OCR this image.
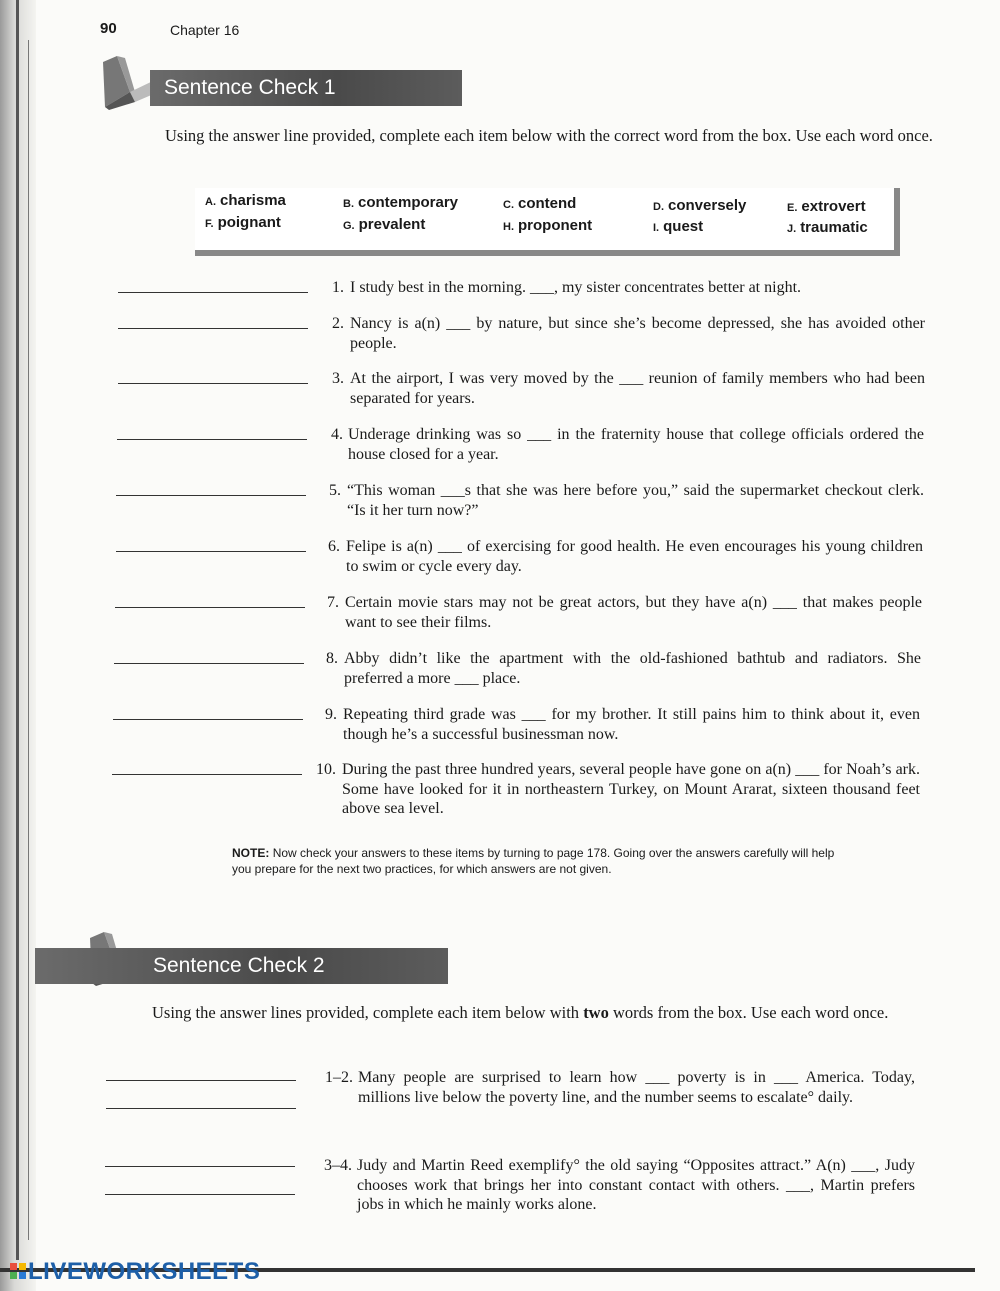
90	Chapter 16
Sentence Check 1
Using the answer line provided, complete each item below with the correct word from the box. Use each word once.
A. charisma	B. contemporary	C. contend	D. conversely	E. extrovert
F. poignant	G. prevalent	H. proponent	I. quest	J. traumatic
1. I study best in the morning. ___, my sister concentrates better at night.
2. Nancy is a(n) ___ by nature, but since she’s become depressed, she has avoided other people.
3. At the airport, I was very moved by the ___ reunion of family members who had been separated for years.
4. Underage drinking was so ___ in the fraternity house that college officials ordered the house closed for a year.
5. “This woman ___s that she was here before you,” said the supermarket checkout clerk. “Is it her turn now?”
6. Felipe is a(n) ___ of exercising for good health. He even encourages his young children to swim or cycle every day.
7. Certain movie stars may not be great actors, but they have a(n) ___ that makes people want to see their films.
8. Abby didn’t like the apartment with the old-fashioned bathtub and radiators. She preferred a more ___ place.
9. Repeating third grade was ___ for my brother. It still pains him to think about it, even though he’s a successful businessman now.
10. During the past three hundred years, several people have gone on a(n) ___ for Noah’s ark. Some have looked for it in northeastern Turkey, on Mount Ararat, sixteen thousand feet above sea level.
NOTE: Now check your answers to these items by turning to page 178. Going over the answers carefully will help you prepare for the next two practices, for which answers are not given.
Sentence Check 2
Using the answer lines provided, complete each item below with two words from the box. Use each word once.
1–2. Many people are surprised to learn how ___ poverty is in ___ America. Today, millions live below the poverty line, and the number seems to escalate° daily.
3–4. Judy and Martin Reed exemplify° the old saying “Opposites attract.” A(n) ___, Judy chooses work that brings her into constant contact with others. ___, Martin prefers jobs in which he mainly works alone.
LIVEWORKSHEETS
